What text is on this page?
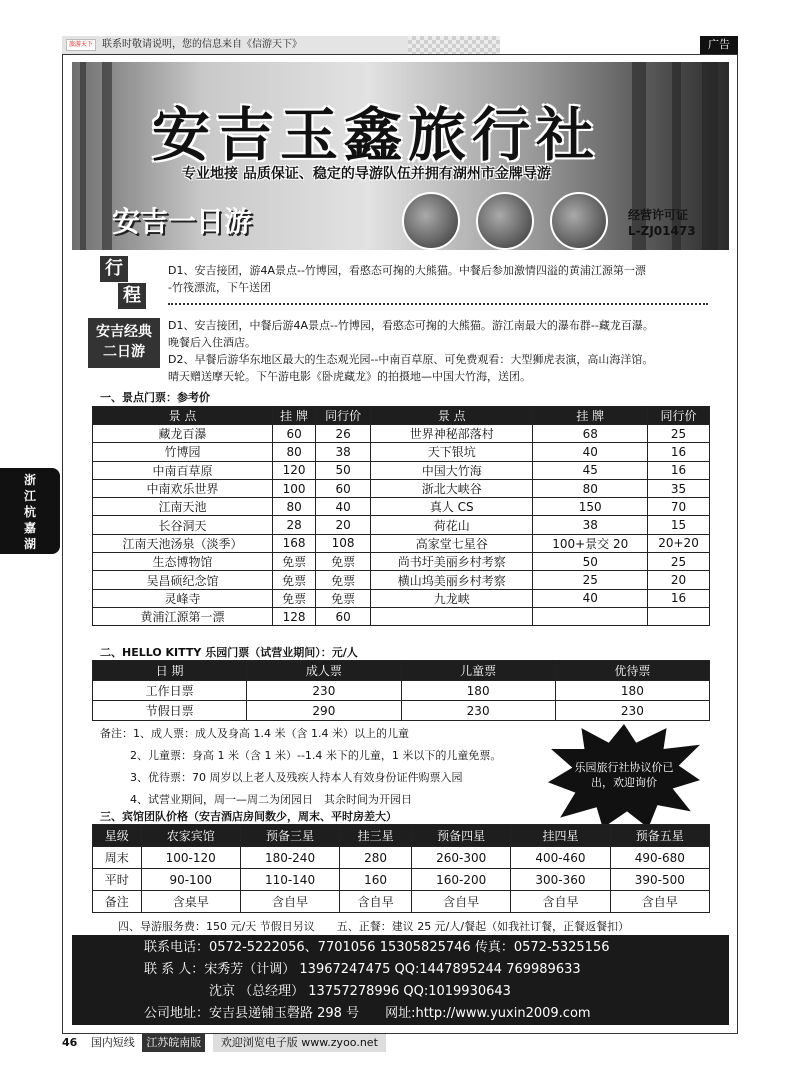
旅游天下 联系时敬请说明，您的信息来自《信游天下》	广告
安吉玉鑫旅行社
专业地接 品质保证、稳定的导游队伍并拥有湖州市金牌导游
安吉一日游	经营许可证
L-ZJ01473
行
程
D1、安吉接团，游4A景点--竹博园，看憨态可掬的大熊猫。中餐后参加激情四溢的黄浦江源第一漂
-竹筏漂流，下午送团
安吉经典
二日游
D1、安吉接团，中餐后游4A景点--竹博园，看憨态可掬的大熊猫。游江南最大的瀑布群--藏龙百瀑。
晚餐后入住酒店。
D2、早餐后游华东地区最大的生态观光园--中南百草原、可免费观看：大型狮虎表演，高山海洋馆。
晴天赠送摩天轮。下午游电影《卧虎藏龙》的拍摄地—中国大竹海，送团。
一、景点门票：参考价
景 点	挂 牌	同行价	景 点	挂 牌	同行价
藏龙百瀑	60	26	世界神秘部落村	68	25
竹博园	80	38	天下银坑	40	16
中南百草原	120	50	中国大竹海	45	16
中南欢乐世界	100	60	浙北大峡谷	80	35
江南天池	80	40	真人 CS	150	70
长谷洞天	28	20	荷花山	38	15
江南天池汤泉（淡季）	168	108	高家堂七星谷	100+景交 20	20+20
生态博物馆	免票	免票	尚书圩美丽乡村考察	50	25
吴昌硕纪念馆	免票	免票	横山坞美丽乡村考察	25	20
灵峰寺	免票	免票	九龙峡	40	16
黄浦江源第一漂	128	60			
二、HELLO KITTY 乐园门票（试营业期间）：元/人
日 期	成人票	儿童票	优待票
工作日票	230	180	180
节假日票	290	230	230
备注：1、成人票：成人及身高 1.4 米（含 1.4 米）以上的儿童
2、儿童票：身高 1 米（含 1 米）--1.4 米下的儿童，1 米以下的儿童免票。
3、优待票：70 周岁以上老人及残疾人持本人有效身份证件购票入园
4、试营业期间，周一—周二为闭园日　其余时间为开园日
乐园旅行社协议价已出，欢迎询价
三、宾馆团队价格（安吉酒店房间数少，周末、平时房差大）
星级	农家宾馆	预备三星	挂三星	预备四星	挂四星	预备五星
周末	100-120	180-240	280	260-300	400-460	490-680
平时	90-100	110-140	160	160-200	300-360	390-500
备注	含桌早	含自早	含自早	含自早	含自早	含自早
四、导游服务费：150 元/天 节假日另议　　五、正餐：建议 25 元/人/餐起（如我社订餐，正餐返餐扣）
联系电话：0572-5222056、7701056 15305825746 传真：0572-5325156
联 系 人：宋秀芳（计调） 13967247475 QQ:1447895244 769989633
　　　　　沈京 （总经理） 13757278996 QQ:1019930643
公司地址：安吉县递铺玉磬路 298 号　　网址:http://www.yuxin2009.com
浙
江
杭
嘉
湖
46 国内短线 江苏皖南版 欢迎浏览电子版 www.zyoo.net
